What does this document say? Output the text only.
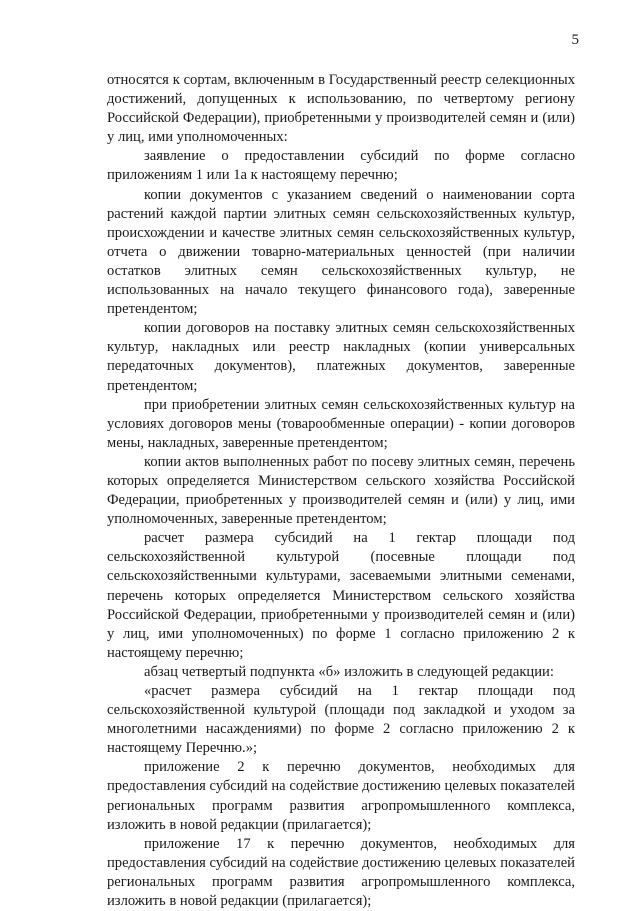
5

относятся к сортам, включенным в Государственный реестр селекционных достижений, допущенных к использованию, по четвертому региону Российской Федерации), приобретенными у производителей семян и (или) у лиц, ими уполномоченных:

заявление о предоставлении субсидий по форме согласно приложениям 1 или 1а к настоящему перечню;

копии документов с указанием сведений о наименовании сорта растений каждой партии элитных семян сельскохозяйственных культур, происхождении и качестве элитных семян сельскохозяйственных культур, отчета о движении товарно-материальных ценностей (при наличии остатков элитных семян сельскохозяйственных культур, не использованных на начало текущего финансового года), заверенные претендентом;

копии договоров на поставку элитных семян сельскохозяйственных культур, накладных или реестр накладных (копии универсальных передаточных документов), платежных документов, заверенные претендентом;

при приобретении элитных семян сельскохозяйственных культур на условиях договоров мены (товарообменные операции) - копии договоров мены, накладных, заверенные претендентом;

копии актов выполненных работ по посеву элитных семян, перечень которых определяется Министерством сельского хозяйства Российской Федерации, приобретенных у производителей семян и (или) у лиц, ими уполномоченных, заверенные претендентом;

расчет размера субсидий на 1 гектар площади под сельскохозяйственной культурой (посевные площади под сельскохозяйственными культурами, засеваемыми элитными семенами, перечень которых определяется Министерством сельского хозяйства Российской Федерации, приобретенными у производителей семян и (или) у лиц, ими уполномоченных) по форме 1 согласно приложению 2 к настоящему перечню;

абзац четвертый подпункта «б» изложить в следующей редакции:

«расчет размера субсидий на 1 гектар площади под сельскохозяйственной культурой (площади под закладкой и уходом за многолетними насаждениями) по форме 2 согласно приложению 2 к настоящему Перечню.»;

приложение 2 к перечню документов, необходимых для предоставления субсидий на содействие достижению целевых показателей региональных программ развития агропромышленного комплекса, изложить в новой редакции (прилагается);

приложение 17 к перечню документов, необходимых для предоставления субсидий на содействие достижению целевых показателей региональных программ развития агропромышленного комплекса, изложить в новой редакции (прилагается);
